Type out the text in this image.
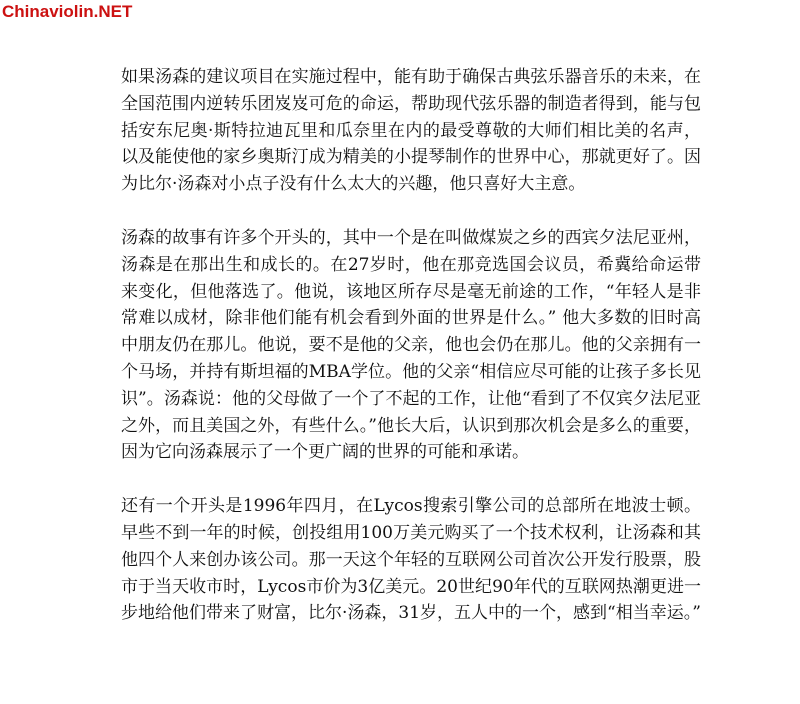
Chinaviolin.NET

如果汤森的建议项目在实施过程中，能有助于确保古典弦乐器音乐的未来，在全国范围内逆转乐团岌岌可危的命运，帮助现代弦乐器的制造者得到，能与包括安东尼奥·斯特拉迪瓦里和瓜奈里在内的最受尊敬的大师们相比美的名声，以及能使他的家乡奥斯汀成为精美的小提琴制作的世界中心，那就更好了。因为比尔·汤森对小点子没有什么太大的兴趣，他只喜好大主意。

汤森的故事有许多个开头的，其中一个是在叫做煤炭之乡的西宾夕法尼亚州，汤森是在那出生和成长的。在27岁时，他在那竞选国会议员，希冀给命运带来变化，但他落选了。他说，该地区所存尽是毫无前途的工作，“年轻人是非常难以成材，除非他们能有机会看到外面的世界是什么。” 他大多数的旧时高中朋友仍在那儿。他说，要不是他的父亲，他也会仍在那儿。他的父亲拥有一个马场，并持有斯坦福的MBA学位。他的父亲“相信应尽可能的让孩子多长见识”。汤森说：他的父母做了一个了不起的工作，让他“看到了不仅宾夕法尼亚之外，而且美国之外，有些什么。”他长大后，认识到那次机会是多么的重要，因为它向汤森展示了一个更广阔的世界的可能和承诺。

还有一个开头是1996年四月，在Lycos搜索引擎公司的总部所在地波士顿。早些不到一年的时候，创投组用100万美元购买了一个技术权利，让汤森和其他四个人来创办该公司。那一天这个年轻的互联网公司首次公开发行股票，股市于当天收市时，Lycos市价为3亿美元。20世纪90年代的互联网热潮更进一步地给他们带来了财富，比尔·汤森，31岁，五人中的一个，感到“相当幸运。”
